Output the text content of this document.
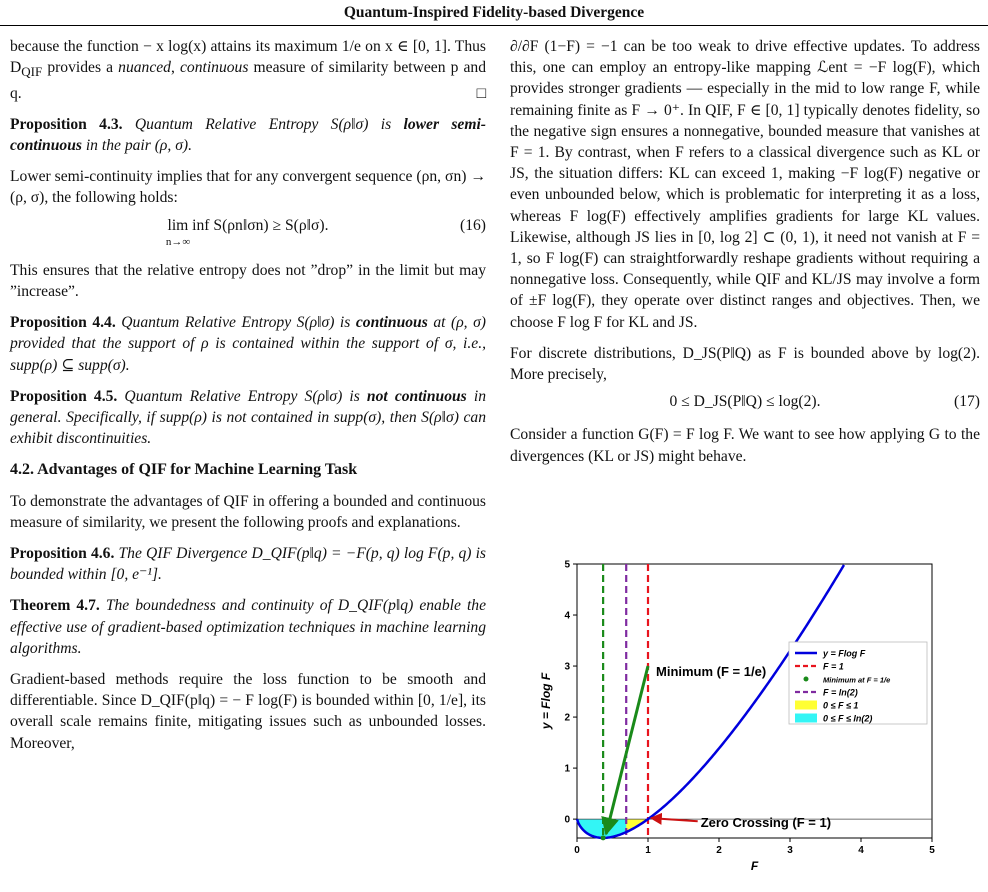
Quantum-Inspired Fidelity-based Divergence

because the function − x log(x) attains its maximum 1/e on x ∈ [0, 1]. Thus $D_{QIF}$ provides a nuanced, continuous measure of similarity between p and q.	□

Proposition 4.3. Quantum Relative Entropy S(ρ‖σ) is lower semi-continuous in the pair (ρ, σ).

Lower semi-continuity implies that for any convergent sequence (ρn, σn) → (ρ, σ), the following holds:

lim inf S(ρn‖σn) ≥ S(ρ‖σ).
n→∞
(16)

This ensures that the relative entropy does not ”drop” in the limit but may ”increase”.

Proposition 4.4. Quantum Relative Entropy S(ρ‖σ) is continuous at (ρ, σ) provided that the support of ρ is contained within the support of σ, i.e., supp(ρ) ⊆ supp(σ).

Proposition 4.5. Quantum Relative Entropy S(ρ‖σ) is not continuous in general. Specifically, if supp(ρ) is not contained in supp(σ), then S(ρ‖σ) can exhibit discontinuities.

4.2. Advantages of QIF for Machine Learning Task

To demonstrate the advantages of QIF in offering a bounded and continuous measure of similarity, we present the following proofs and explanations.

Proposition 4.6. The QIF Divergence D_QIF(p‖q) = −F(p, q) log F(p, q) is bounded within [0, e⁻¹].

Theorem 4.7. The boundedness and continuity of D_QIF(p‖q) enable the effective use of gradient-based optimization techniques in machine learning algorithms.

Gradient-based methods require the loss function to be smooth and differentiable. Since D_QIF(p‖q) = − F log(F) is bounded within [0, 1/e], its overall scale remains finite, mitigating issues such as unbounded losses. Moreover,

∂/∂F (1−F) = −1 can be too weak to drive effective updates. To address this, one can employ an entropy-like mapping ℒent = −F log(F), which provides stronger gradients — especially in the mid to low range F, while remaining finite as F → 0⁺. In QIF, F ∈ [0, 1] typically denotes fidelity, so the negative sign ensures a nonnegative, bounded measure that vanishes at F = 1. By contrast, when F refers to a classical divergence such as KL or JS, the situation differs: KL can exceed 1, making −F log(F) negative or even unbounded below, which is problematic for interpreting it as a loss, whereas F log(F) effectively amplifies gradients for large KL values. Likewise, although JS lies in [0, log 2] ⊂ (0, 1), it need not vanish at F = 1, so F log(F) can straightforwardly reshape gradients without requiring a nonnegative loss. Consequently, while QIF and KL/JS may involve a form of ±F log(F), they operate over distinct ranges and objectives. Then, we choose F log F for KL and JS.

For discrete distributions, D_JS(P‖Q) as F is bounded above by log(2). More precisely,

0 ≤ D_JS(P‖Q) ≤ log(2).	(17)

Consider a function G(F) = F log F. We want to see how applying G to the divergences (KL or JS) might behave.

0	1	2	3	4	5
0
1
2
3
4
5
F
y = Flog F
Minimum (F = 1/e)
Zero Crossing (F = 1)
y = Flog F
F = 1
Minimum at F = 1/e
F = ln(2)
0 ≤ F ≤ 1
0 ≤ F ≤ ln(2)
